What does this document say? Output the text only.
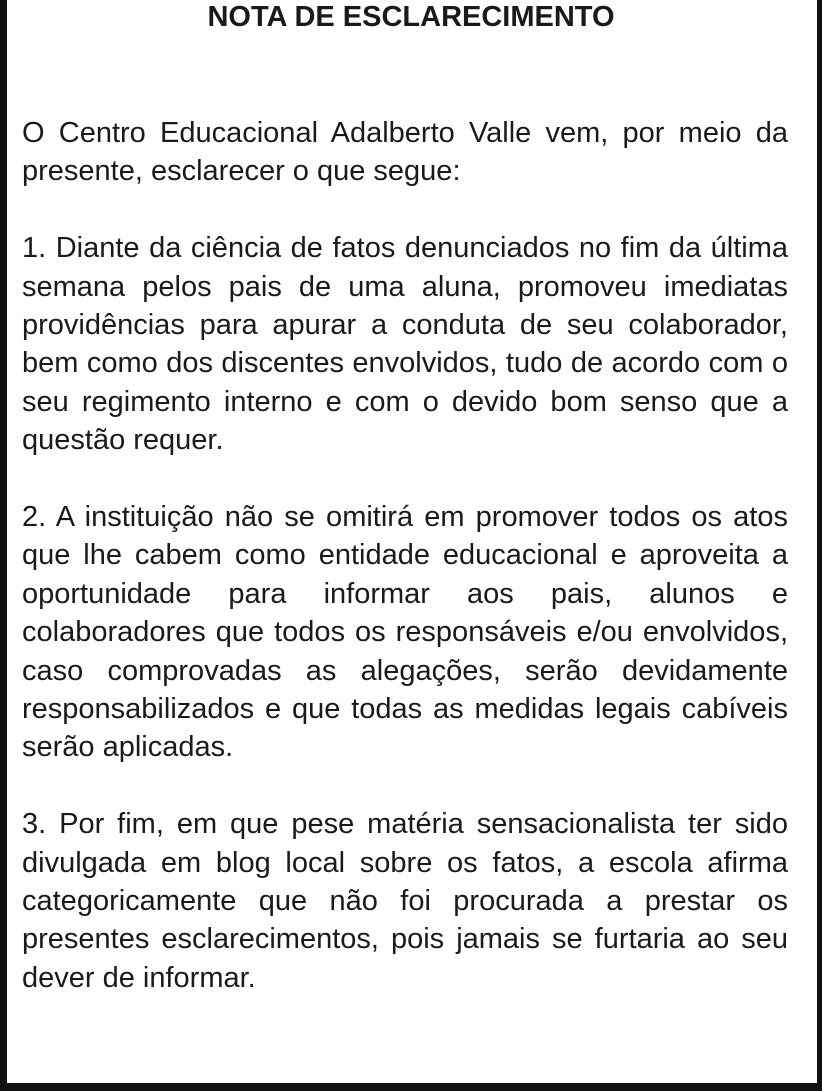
NOTA DE ESCLARECIMENTO

O Centro Educacional Adalberto Valle vem, por meio da presente, esclarecer o que segue:

1. Diante da ciência de fatos denunciados no fim da última semana pelos pais de uma aluna, promoveu imediatas providências para apurar a conduta de seu colaborador, bem como dos discentes envolvidos, tudo de acordo com o seu regimento interno e com o devido bom senso que a questão requer.

2. A instituição não se omitirá em promover todos os atos que lhe cabem como entidade educacional e aproveita a oportunidade para informar aos pais, alunos e colaboradores que todos os responsáveis e/ou envolvidos, caso comprovadas as alegações, serão devidamente responsabilizados e que todas as medidas legais cabíveis serão aplicadas.

3. Por fim, em que pese matéria sensacionalista ter sido divulgada em blog local sobre os fatos, a escola afirma categoricamente que não foi procurada a prestar os presentes esclarecimentos, pois jamais se furtaria ao seu dever de informar.
